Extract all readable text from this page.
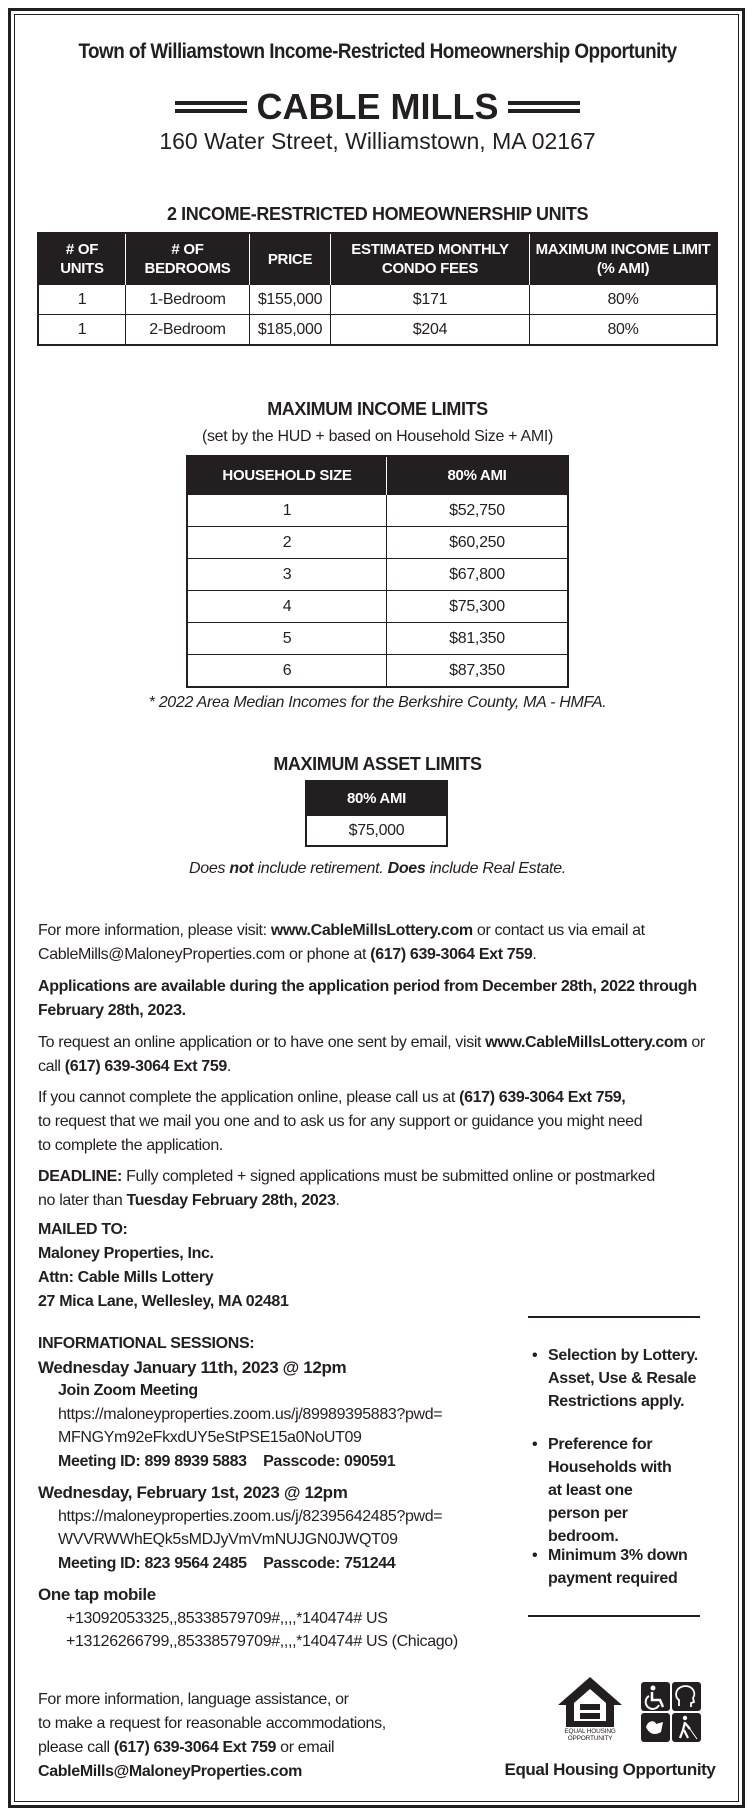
Town of Williamstown Income-Restricted Homeownership Opportunity
CABLE MILLS
160 Water Street, Williamstown, MA 02167
2 INCOME-RESTRICTED HOMEOWNERSHIP UNITS
# OF UNITS	# OF BEDROOMS	PRICE	ESTIMATED MONTHLY CONDO FEES	MAXIMUM INCOME LIMIT (% AMI)
1	1-Bedroom	$155,000	$171	80%
1	2-Bedroom	$185,000	$204	80%
MAXIMUM INCOME LIMITS
(set by the HUD + based on Household Size + AMI)
HOUSEHOLD SIZE	80% AMI
1	$52,750
2	$60,250
3	$67,800
4	$75,300
5	$81,350
6	$87,350
* 2022 Area Median Incomes for the Berkshire County, MA - HMFA.
MAXIMUM ASSET LIMITS
80% AMI
$75,000
Does not include retirement. Does include Real Estate.
For more information, please visit: www.CableMillsLottery.com or contact us via email at
CableMills@MaloneyProperties.com or phone at (617) 639-3064 Ext 759.
Applications are available during the application period from December 28th, 2022 through February 28th, 2023.
To request an online application or to have one sent by email, visit www.CableMillsLottery.com or
call (617) 639-3064 Ext 759.
If you cannot complete the application online, please call us at (617) 639-3064 Ext 759,
to request that we mail you one and to ask us for any support or guidance you might need
to complete the application.
DEADLINE: Fully completed + signed applications must be submitted online or postmarked
no later than Tuesday February 28th, 2023.
MAILED TO:
Maloney Properties, Inc.
Attn: Cable Mills Lottery
27 Mica Lane, Wellesley, MA 02481
INFORMATIONAL SESSIONS:
Wednesday January 11th, 2023 @ 12pm
Join Zoom Meeting
https://maloneyproperties.zoom.us/j/89989395883?pwd=
MFNGYm92eFkxdUY5eStPSE15a0NoUT09
Meeting ID: 899 8939 5883    Passcode: 090591
Wednesday, February 1st, 2023 @ 12pm
https://maloneyproperties.zoom.us/j/82395642485?pwd=
WVVRWWhEQk5sMDJyVmVmNUJGN0JWQT09
Meeting ID: 823 9564 2485    Passcode: 751244
One tap mobile
+13092053325,,85338579709#,,,,*140474# US
+13126266799,,85338579709#,,,,*140474# US (Chicago)
• Selection by Lottery. Asset, Use & Resale Restrictions apply.
• Preference for Households with at least one person per bedroom.
• Minimum 3% down payment required
For more information, language assistance, or
to make a request for reasonable accommodations,
please call (617) 639-3064 Ext 759 or email
CableMills@MaloneyProperties.com
EQUAL HOUSING
OPPORTUNITY
Equal Housing Opportunity
